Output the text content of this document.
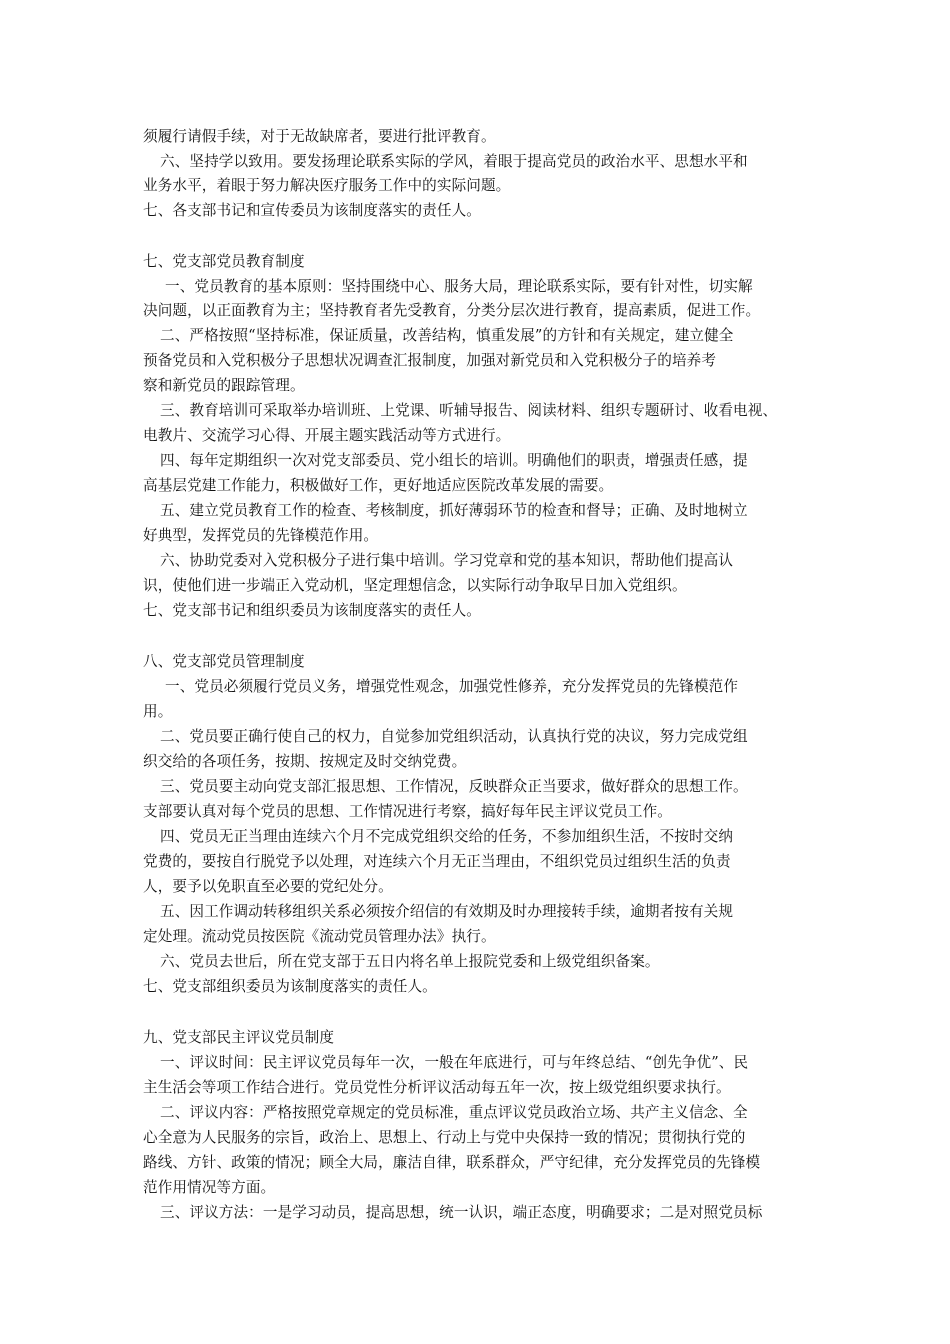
须履行请假手续，对于无故缺席者，要进行批评教育。
六、坚持学以致用。要发扬理论联系实际的学风，着眼于提高党员的政治水平、思想水平和
业务水平，着眼于努力解决医疗服务工作中的实际问题。
七、各支部书记和宣传委员为该制度落实的责任人。
七、党支部党员教育制度
一、党员教育的基本原则：坚持围绕中心、服务大局，理论联系实际，要有针对性，切实解
决问题，以正面教育为主；坚持教育者先受教育，分类分层次进行教育，提高素质，促进工作。
二、严格按照“坚持标准，保证质量，改善结构，慎重发展”的方针和有关规定，建立健全
预备党员和入党积极分子思想状况调查汇报制度，加强对新党员和入党积极分子的培养考
察和新党员的跟踪管理。
三、教育培训可采取举办培训班、上党课、听辅导报告、阅读材料、组织专题研讨、收看电视、
电教片、交流学习心得、开展主题实践活动等方式进行。
四、每年定期组织一次对党支部委员、党小组长的培训。明确他们的职责，增强责任感，提
高基层党建工作能力，积极做好工作，更好地适应医院改革发展的需要。
五、建立党员教育工作的检查、考核制度，抓好薄弱环节的检查和督导；正确、及时地树立
好典型，发挥党员的先锋模范作用。
六、协助党委对入党积极分子进行集中培训。学习党章和党的基本知识，帮助他们提高认
识，使他们进一步端正入党动机，坚定理想信念，以实际行动争取早日加入党组织。
七、党支部书记和组织委员为该制度落实的责任人。
八、党支部党员管理制度
一、党员必须履行党员义务，增强党性观念，加强党性修养，充分发挥党员的先锋模范作
用。
二、党员要正确行使自己的权力，自觉参加党组织活动，认真执行党的决议，努力完成党组
织交给的各项任务，按期、按规定及时交纳党费。
三、党员要主动向党支部汇报思想、工作情况，反映群众正当要求，做好群众的思想工作。
支部要认真对每个党员的思想、工作情况进行考察，搞好每年民主评议党员工作。
四、党员无正当理由连续六个月不完成党组织交给的任务，不参加组织生活，不按时交纳
党费的，要按自行脱党予以处理，对连续六个月无正当理由，不组织党员过组织生活的负责
人，要予以免职直至必要的党纪处分。
五、因工作调动转移组织关系必须按介绍信的有效期及时办理接转手续，逾期者按有关规
定处理。流动党员按医院《流动党员管理办法》执行。
六、党员去世后，所在党支部于五日内将名单上报院党委和上级党组织备案。
七、党支部组织委员为该制度落实的责任人。
九、党支部民主评议党员制度
一、评议时间：民主评议党员每年一次，一般在年底进行，可与年终总结、“创先争优”、民
主生活会等项工作结合进行。党员党性分析评议活动每五年一次，按上级党组织要求执行。
二、评议内容：严格按照党章规定的党员标准，重点评议党员政治立场、共产主义信念、全
心全意为人民服务的宗旨，政治上、思想上、行动上与党中央保持一致的情况；贯彻执行党的
路线、方针、政策的情况；顾全大局，廉洁自律，联系群众，严守纪律，充分发挥党员的先锋模
范作用情况等方面。
三、评议方法：一是学习动员，提高思想，统一认识，端正态度，明确要求；二是对照党员标
